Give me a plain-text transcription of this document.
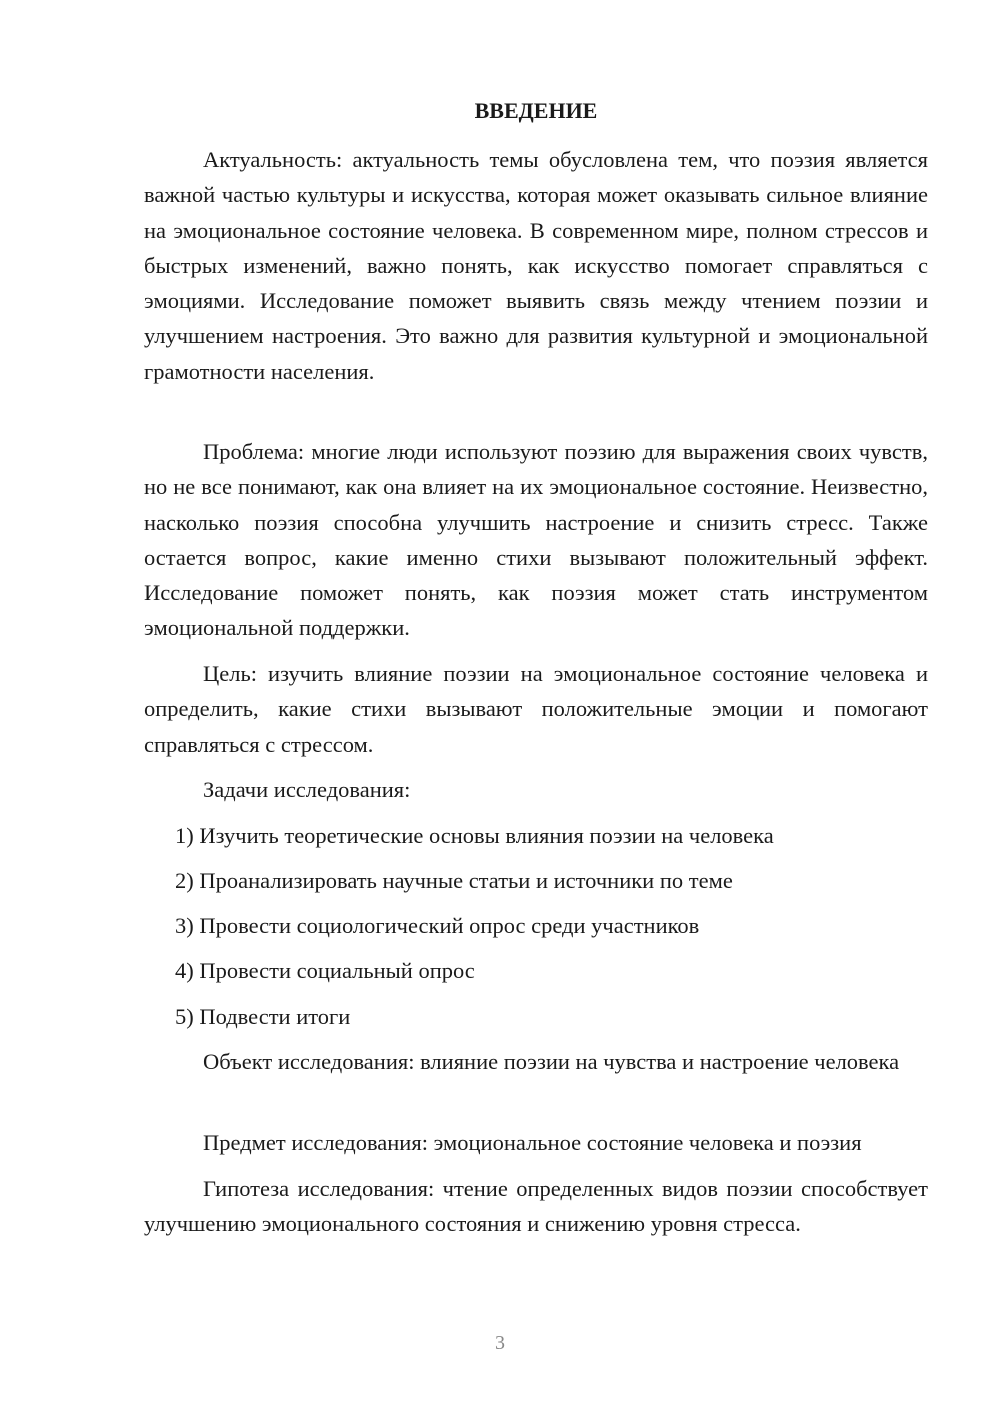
ВВЕДЕНИЕ

Актуальность: актуальность темы обусловлена тем, что поэзия является важной частью культуры и искусства, которая может оказывать сильное влияние на эмоциональное состояние человека. В современном мире, полном стрессов и быстрых изменений, важно понять, как искусство помогает справляться с эмоциями. Исследование поможет выявить связь между чтением поэзии и улучшением настроения. Это важно для развития культурной и эмоциональной грамотности населения.

Проблема: многие люди используют поэзию для выражения своих чувств, но не все понимают, как она влияет на их эмоциональное состояние. Неизвестно, насколько поэзия способна улучшить настроение и снизить стресс. Также остается вопрос, какие именно стихи вызывают положительный эффект. Исследование поможет понять, как поэзия может стать инструментом эмоциональной поддержки.

Цель: изучить влияние поэзии на эмоциональное состояние человека и определить, какие стихи вызывают положительные эмоции и помогают справляться с стрессом.

Задачи исследования:

1) Изучить теоретические основы влияния поэзии на человека

2) Проанализировать научные статьи и источники по теме

3) Провести социологический опрос среди участников

4) Провести социальный опрос

5) Подвести итоги

Объект исследования: влияние поэзии на чувства и настроение человека

Предмет исследования: эмоциональное состояние человека и поэзия

Гипотеза исследования: чтение определенных видов поэзии способствует улучшению эмоционального состояния и снижению уровня стресса.

3
